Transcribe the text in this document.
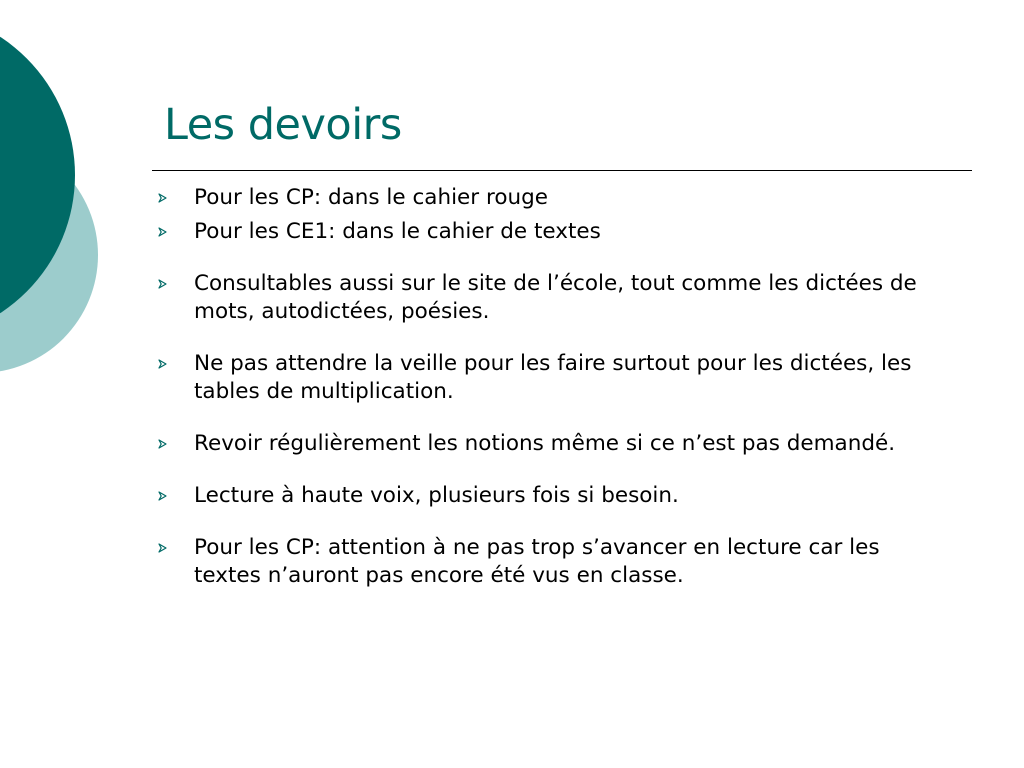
Les devoirs
Pour les CP: dans le cahier rouge
Pour les CE1: dans le cahier de textes
Consultables aussi sur le site de l’école, tout comme les dictées de mots, autodictées, poésies.
Ne pas attendre la veille pour les faire surtout pour les dictées, les tables de multiplication.
Revoir régulièrement les notions même si ce n’est pas demandé.
Lecture à haute voix, plusieurs fois si besoin.
Pour les CP: attention à ne pas trop s’avancer en lecture car les textes n’auront pas encore été vus en classe.
